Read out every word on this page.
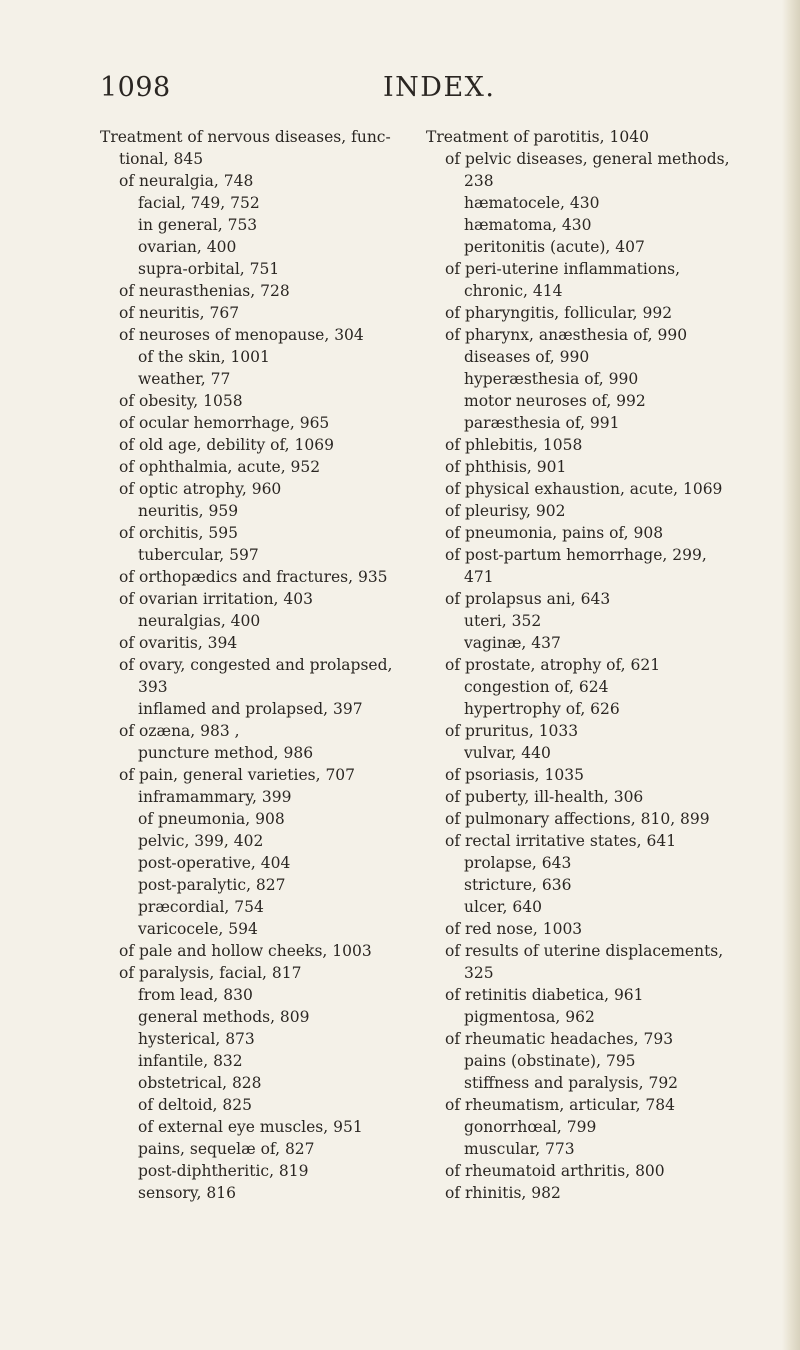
1098	INDEX.
Treatment of nervous diseases, func-
tional, 845
of neuralgia, 748
facial, 749, 752
in general, 753
ovarian, 400
supra-orbital, 751
of neurasthenias, 728
of neuritis, 767
of neuroses of menopause, 304
of the skin, 1001
weather, 77
of obesity, 1058
of ocular hemorrhage, 965
of old age, debility of, 1069
of ophthalmia, acute, 952
of optic atrophy, 960
neuritis, 959
of orchitis, 595
tubercular, 597
of orthopædics and fractures, 935
of ovarian irritation, 403
neuralgias, 400
of ovaritis, 394
of ovary, congested and prolapsed,
393
inflamed and prolapsed, 397
of ozæna, 983 ,
puncture method, 986
of pain, general varieties, 707
inframammary, 399
of pneumonia, 908
pelvic, 399, 402
post-operative, 404
post-paralytic, 827
præcordial, 754
varicocele, 594
of pale and hollow cheeks, 1003
of paralysis, facial, 817
from lead, 830
general methods, 809
hysterical, 873
infantile, 832
obstetrical, 828
of deltoid, 825
of external eye muscles, 951
pains, sequelæ of, 827
post-diphtheritic, 819
sensory, 816
Treatment of parotitis, 1040
of pelvic diseases, general methods,
238
hæmatocele, 430
hæmatoma, 430
peritonitis (acute), 407
of peri-uterine inflammations,
chronic, 414
of pharyngitis, follicular, 992
of pharynx, anæsthesia of, 990
diseases of, 990
hyperæsthesia of, 990
motor neuroses of, 992
paræsthesia of, 991
of phlebitis, 1058
of phthisis, 901
of physical exhaustion, acute, 1069
of pleurisy, 902
of pneumonia, pains of, 908
of post-partum hemorrhage, 299,
471
of prolapsus ani, 643
uteri, 352
vaginæ, 437
of prostate, atrophy of, 621
congestion of, 624
hypertrophy of, 626
of pruritus, 1033
vulvar, 440
of psoriasis, 1035
of puberty, ill-health, 306
of pulmonary affections, 810, 899
of rectal irritative states, 641
prolapse, 643
stricture, 636
ulcer, 640
of red nose, 1003
of results of uterine displacements,
325
of retinitis diabetica, 961
pigmentosa, 962
of rheumatic headaches, 793
pains (obstinate), 795
stiffness and paralysis, 792
of rheumatism, articular, 784
gonorrhœal, 799
muscular, 773
of rheumatoid arthritis, 800
of rhinitis, 982
